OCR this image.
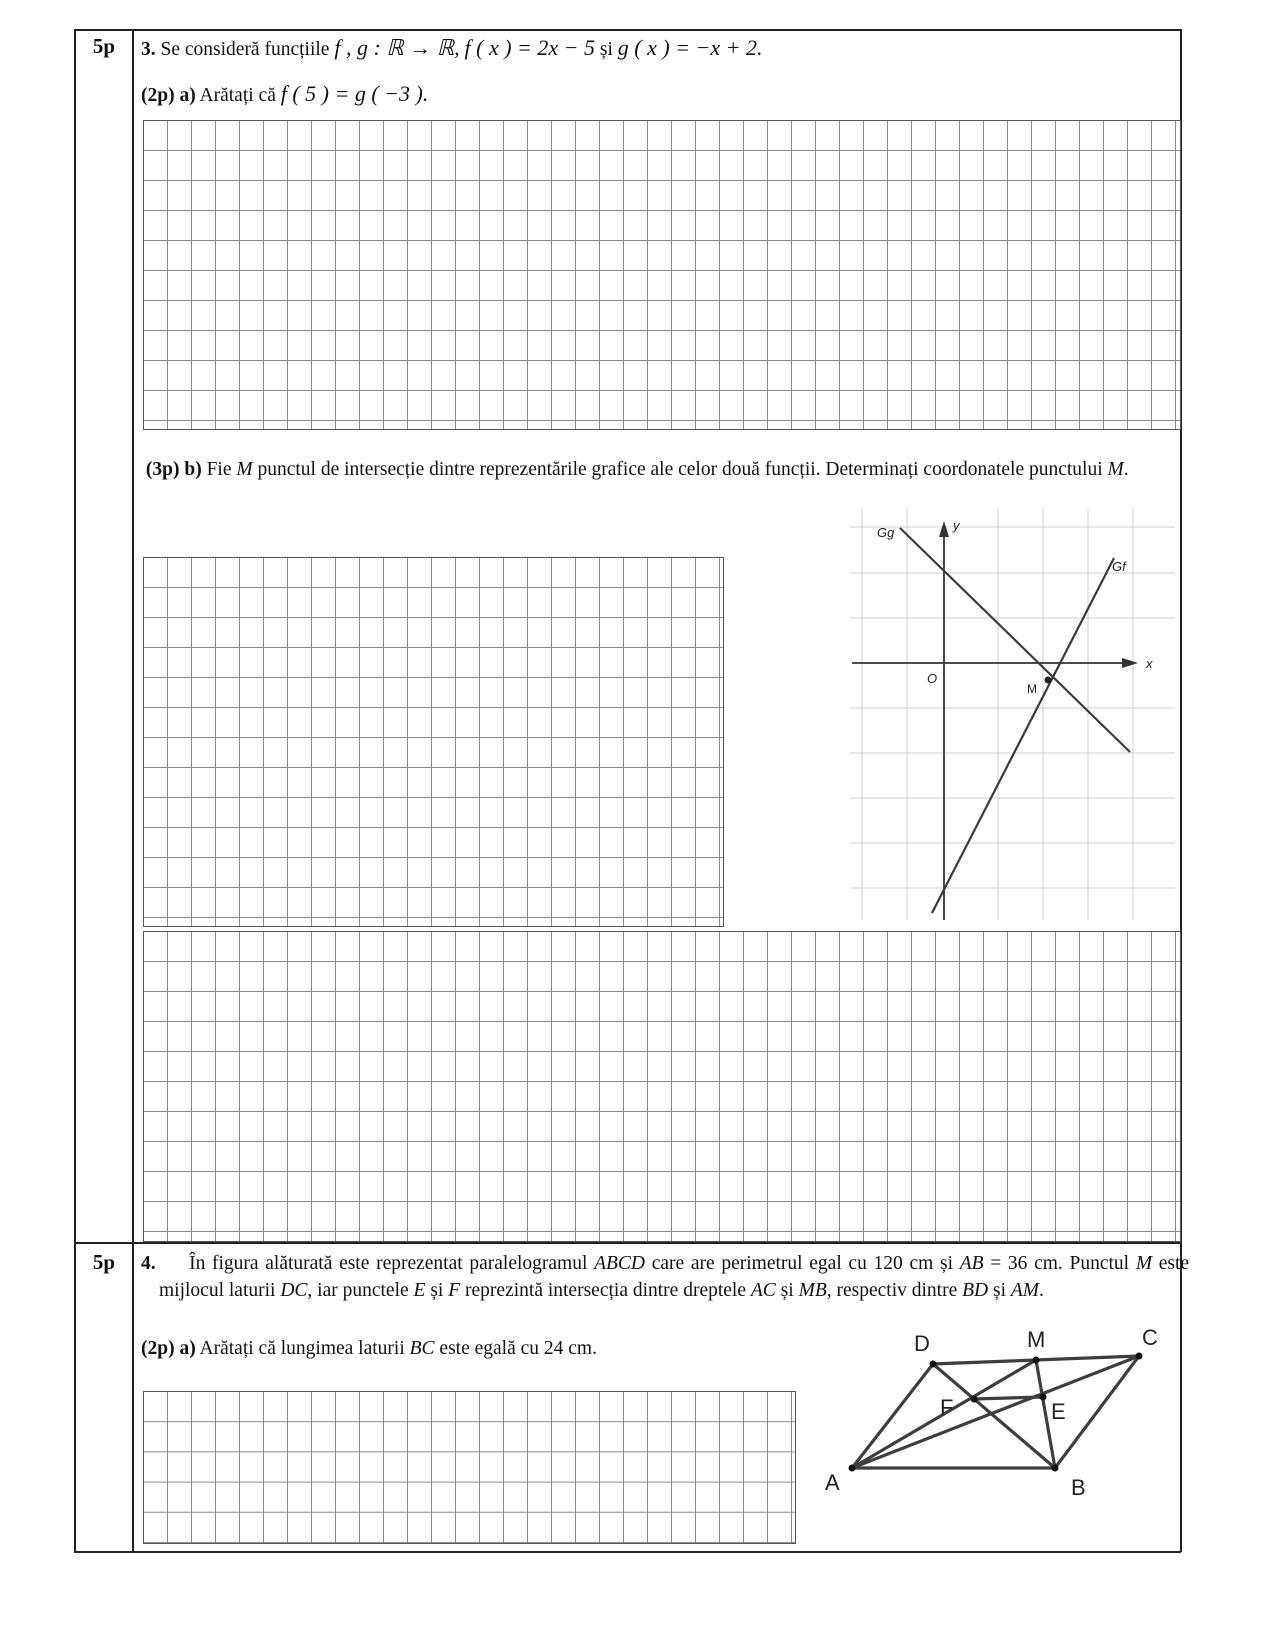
5p	3. Se consideră funcțiile f , g : ℝ → ℝ, f ( x ) = 2x − 5 și g ( x ) = −x + 2.
(2p) a) Arătați că f ( 5 ) = g ( −3 ).
(3p) b) Fie M punctul de intersecție dintre reprezentările grafice ale celor două funcții. Determinați coordonatele punctului M.
Gg
Gf
y
x
O
M
5p	4. În figura alăturată este reprezentat paralelogramul ABCD care are perimetrul egal cu 120 cm și AB = 36 cm. Punctul M este mijlocul laturii DC, iar punctele E și F reprezintă intersecția dintre dreptele AC și MB, respectiv dintre BD și AM.
(2p) a) Arătați că lungimea laturii BC este egală cu 24 cm.
A	B
C
D	M
E
F
